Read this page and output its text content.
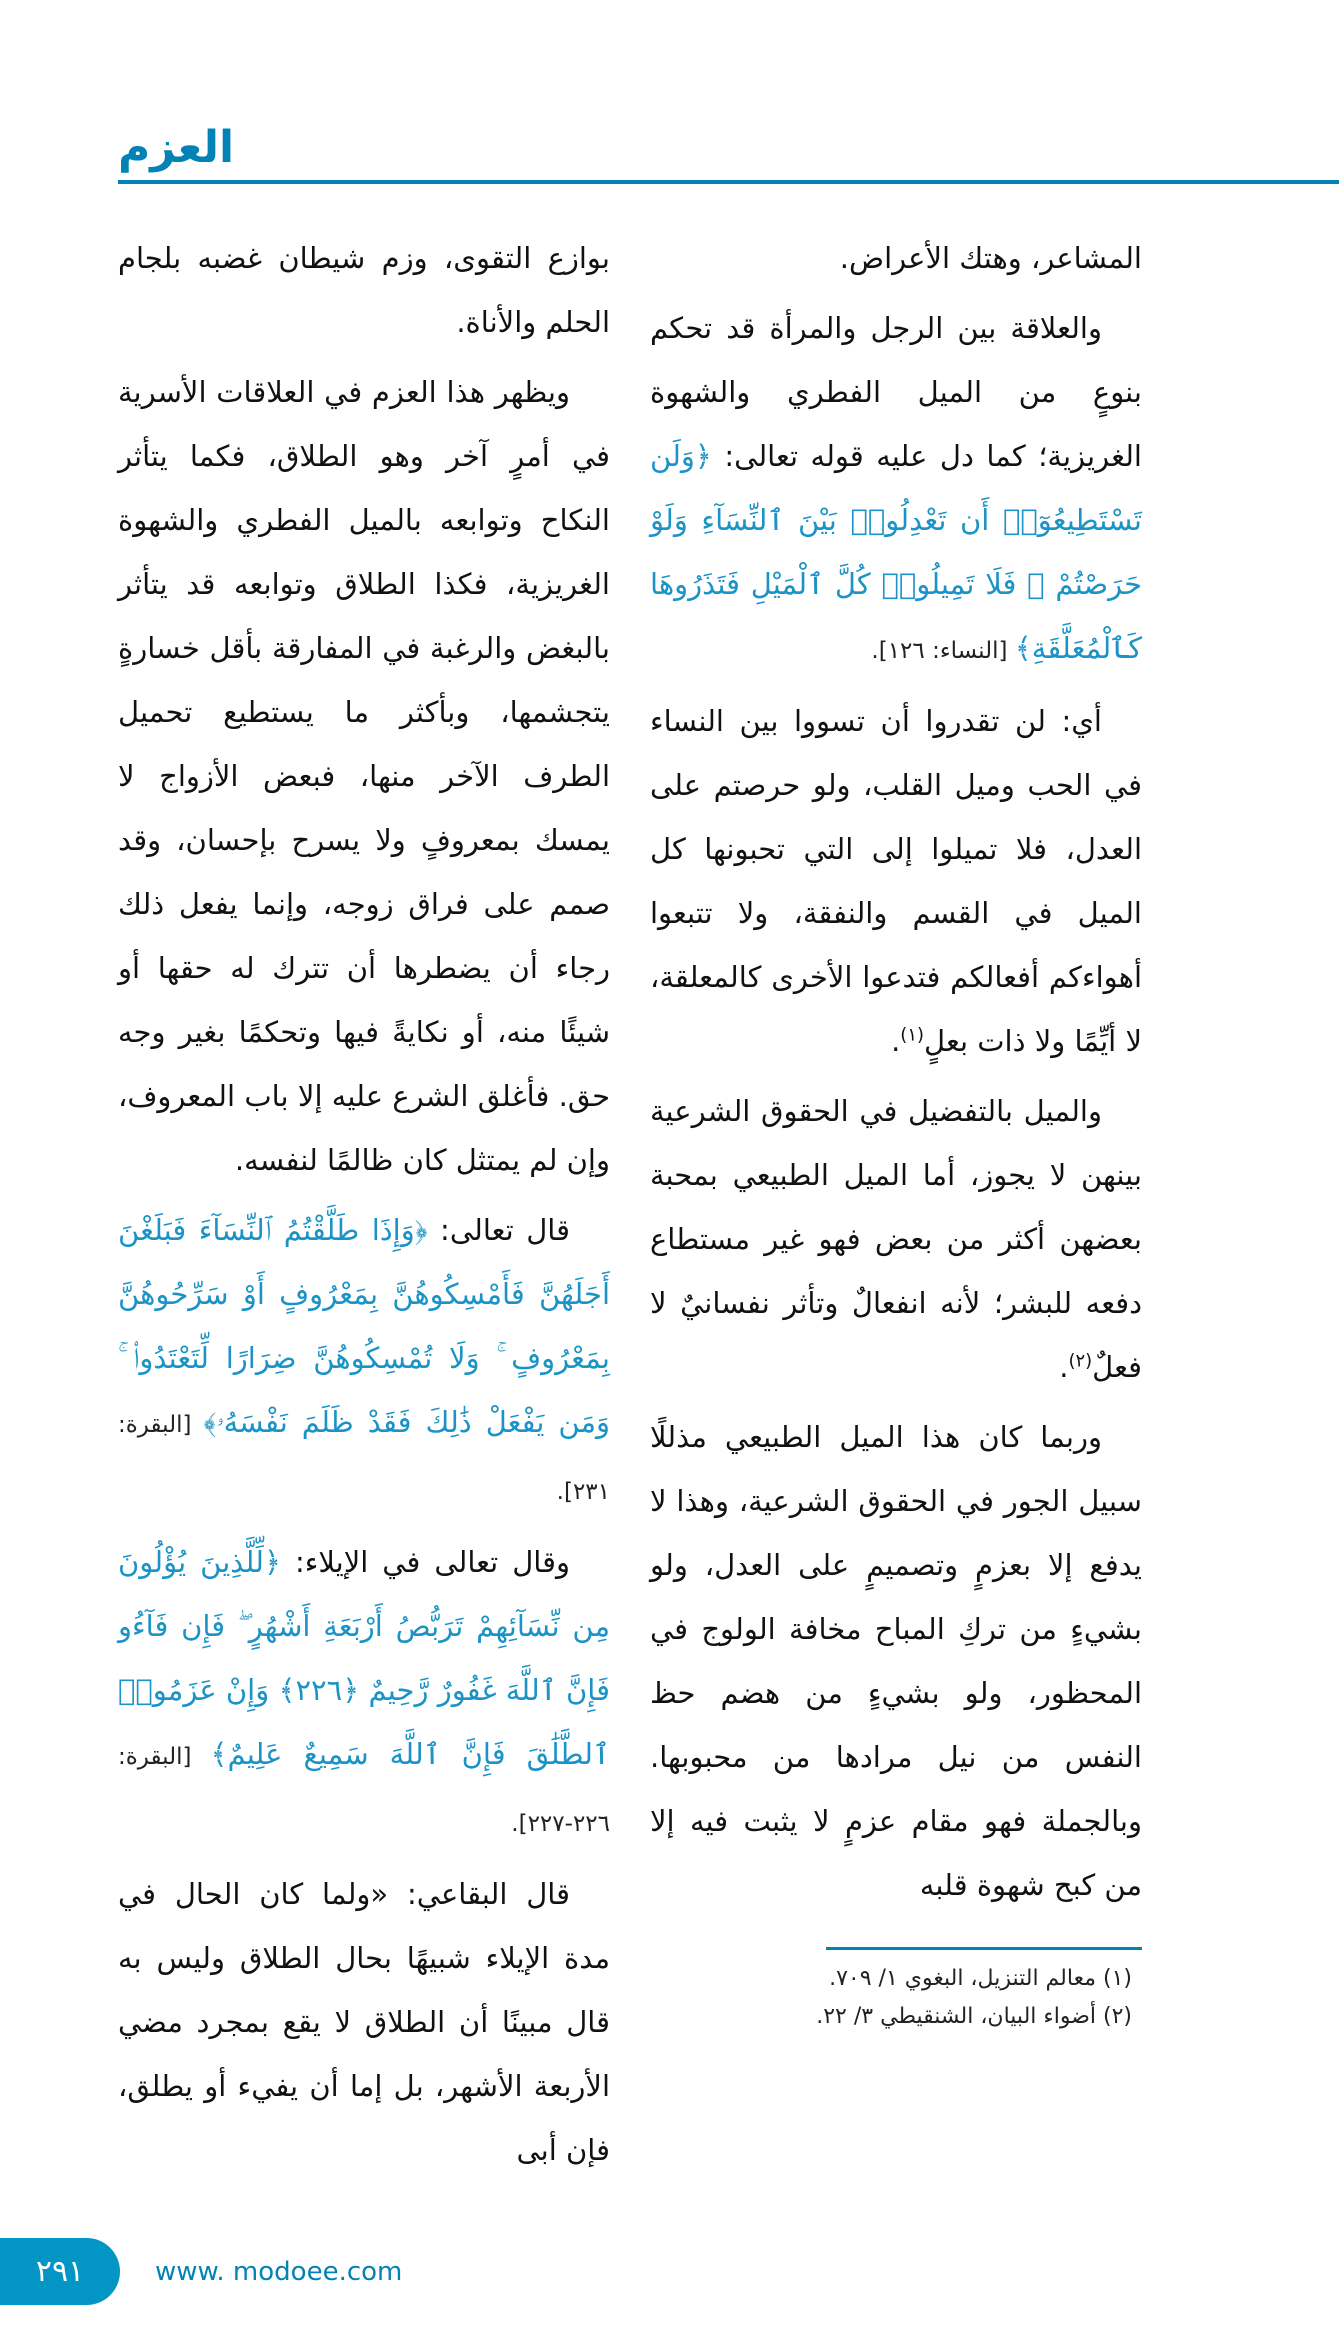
العزم

بوازع التقوى، وزم شيطان غضبه بلجام الحلم والأناة.

ويظهر هذا العزم في العلاقات الأسرية في أمرٍ آخر وهو الطلاق، فكما يتأثر النكاح وتوابعه بالميل الفطري والشهوة الغريزية، فكذا الطلاق وتوابعه قد يتأثر بالبغض والرغبة في المفارقة بأقل خسارةٍ يتجشمها، وبأكثر ما يستطيع تحميل الطرف الآخر منها، فبعض الأزواج لا يمسك بمعروفٍ ولا يسرح بإحسان، وقد صمم على فراق زوجه، وإنما يفعل ذلك رجاء أن يضطرها أن تترك له حقها أو شيئًا منه، أو نكايةً فيها وتحكمًا بغير وجه حق. فأغلق الشرع عليه إلا باب المعروف، وإن لم يمتثل كان ظالمًا لنفسه.

قال تعالى: ﴿وَإِذَا طَلَّقْتُمُ ٱلنِّسَآءَ فَبَلَغْنَ أَجَلَهُنَّ فَأَمْسِكُوهُنَّ بِمَعْرُوفٍ أَوْ سَرِّحُوهُنَّ بِمَعْرُوفٍ ۚ وَلَا تُمْسِكُوهُنَّ ضِرَارًا لِّتَعْتَدُوا۟ ۚ وَمَن يَفْعَلْ ذَٰلِكَ فَقَدْ ظَلَمَ نَفْسَهُۥ﴾ [البقرة: ٢٣١].

وقال تعالى في الإيلاء: ﴿لِّلَّذِينَ يُؤْلُونَ مِن نِّسَآئِهِمْ تَرَبُّصُ أَرْبَعَةِ أَشْهُرٍ ۖ فَإِن فَآءُو فَإِنَّ ٱللَّهَ غَفُورٌ رَّحِيمٌ ﴿٢٢٦﴾ وَإِنْ عَزَمُوا۟ ٱلطَّلَٰقَ فَإِنَّ ٱللَّهَ سَمِيعٌ عَلِيمٌ﴾ [البقرة: ٢٢٦-٢٢٧].

قال البقاعي: «ولما كان الحال في مدة الإيلاء شبيهًا بحال الطلاق وليس به قال مبينًا أن الطلاق لا يقع بمجرد مضي الأربعة الأشهر، بل إما أن يفيء أو يطلق، فإن أبى

المشاعر، وهتك الأعراض.

والعلاقة بين الرجل والمرأة قد تحكم بنوعٍ من الميل الفطري والشهوة الغريزية؛ كما دل عليه قوله تعالى: ﴿وَلَن تَسْتَطِيعُوٓا۟ أَن تَعْدِلُوا۟ بَيْنَ ٱلنِّسَآءِ وَلَوْ حَرَصْتُمْ ۖ فَلَا تَمِيلُوا۟ كُلَّ ٱلْمَيْلِ فَتَذَرُوهَا كَٱلْمُعَلَّقَةِ﴾ [النساء: ١٢٦].

أي: لن تقدروا أن تسووا بين النساء في الحب وميل القلب، ولو حرصتم على العدل، فلا تميلوا إلى التي تحبونها كل الميل في القسم والنفقة، ولا تتبعوا أهواءكم أفعالكم فتدعوا الأخرى كالمعلقة، لا أيِّمًا ولا ذات بعلٍ$^{(١)}$.

والميل بالتفضيل في الحقوق الشرعية بينهن لا يجوز، أما الميل الطبيعي بمحبة بعضهن أكثر من بعض فهو غير مستطاع دفعه للبشر؛ لأنه انفعالٌ وتأثر نفسانيٌ لا فعلٌ$^{(٢)}$.

وربما كان هذا الميل الطبيعي مذللًا سبيل الجور في الحقوق الشرعية، وهذا لا يدفع إلا بعزمٍ وتصميمٍ على العدل، ولو بشيءٍ من تركِ المباح مخافة الولوج في المحظور، ولو بشيءٍ من هضم حظ النفس من نيل مرادها من محبوبها. وبالجملة فهو مقام عزمٍ لا يثبت فيه إلا من كبح شهوة قلبه

(١) معالم التنزيل، البغوي ١/ ٧٠٩.
(٢) أضواء البيان، الشنقيطي ٣/ ٢٢.
٢٩١	www. modoee.com
